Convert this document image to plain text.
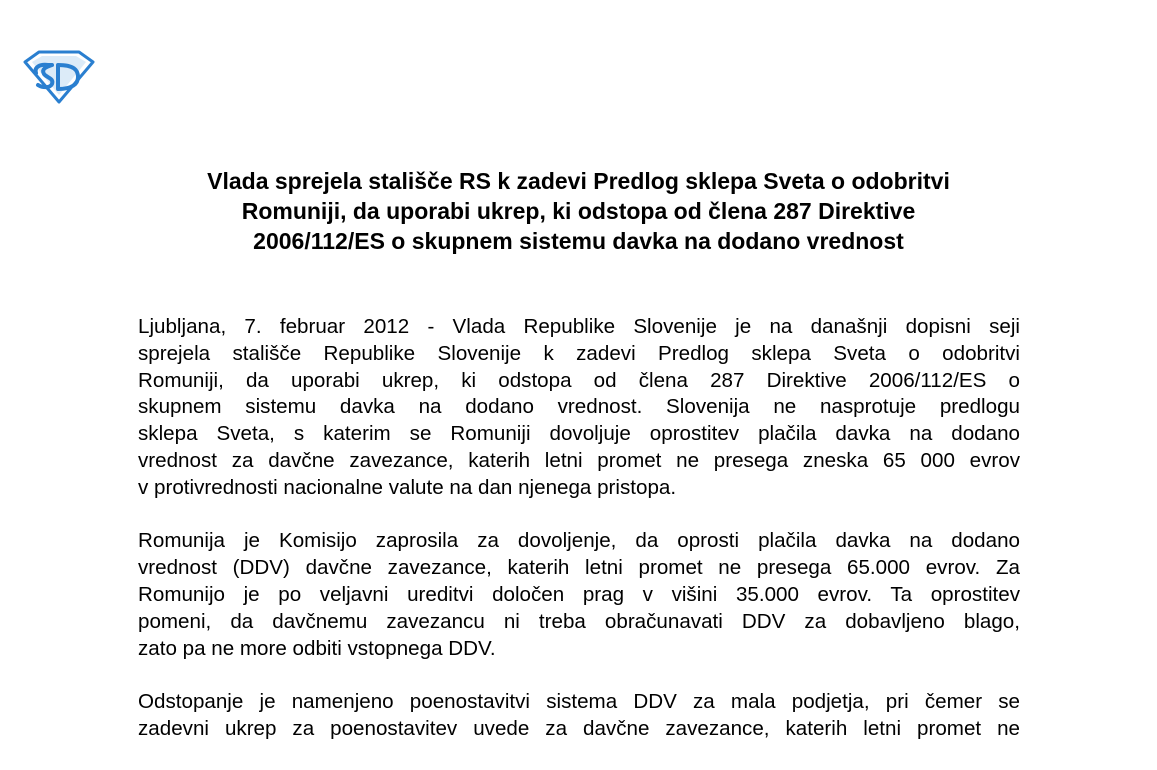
Vlada sprejela stališče RS k zadevi Predlog sklepa Sveta o odobritvi
Romuniji, da uporabi ukrep, ki odstopa od člena 287 Direktive
2006/112/ES o skupnem sistemu davka na dodano vrednost
Ljubljana, 7. februar 2012 - Vlada Republike Slovenije je na današnji dopisni seji
sprejela stališče Republike Slovenije k zadevi Predlog sklepa Sveta o odobritvi
Romuniji, da uporabi ukrep, ki odstopa od člena 287 Direktive 2006/112/ES o
skupnem sistemu davka na dodano vrednost. Slovenija ne nasprotuje predlogu
sklepa Sveta, s katerim se Romuniji dovoljuje oprostitev plačila davka na dodano
vrednost za davčne zavezance, katerih letni promet ne presega zneska 65 000 evrov
v protivrednosti nacionalne valute na dan njenega pristopa.
Romunija je Komisijo zaprosila za dovoljenje, da oprosti plačila davka na dodano
vrednost (DDV) davčne zavezance, katerih letni promet ne presega 65.000 evrov. Za
Romunijo je po veljavni ureditvi določen prag v višini 35.000 evrov. Ta oprostitev
pomeni, da davčnemu zavezancu ni treba obračunavati DDV za dobavljeno blago,
zato pa ne more odbiti vstopnega DDV.
Odstopanje je namenjeno poenostavitvi sistema DDV za mala podjetja, pri čemer se
zadevni ukrep za poenostavitev uvede za davčne zavezance, katerih letni promet ne
